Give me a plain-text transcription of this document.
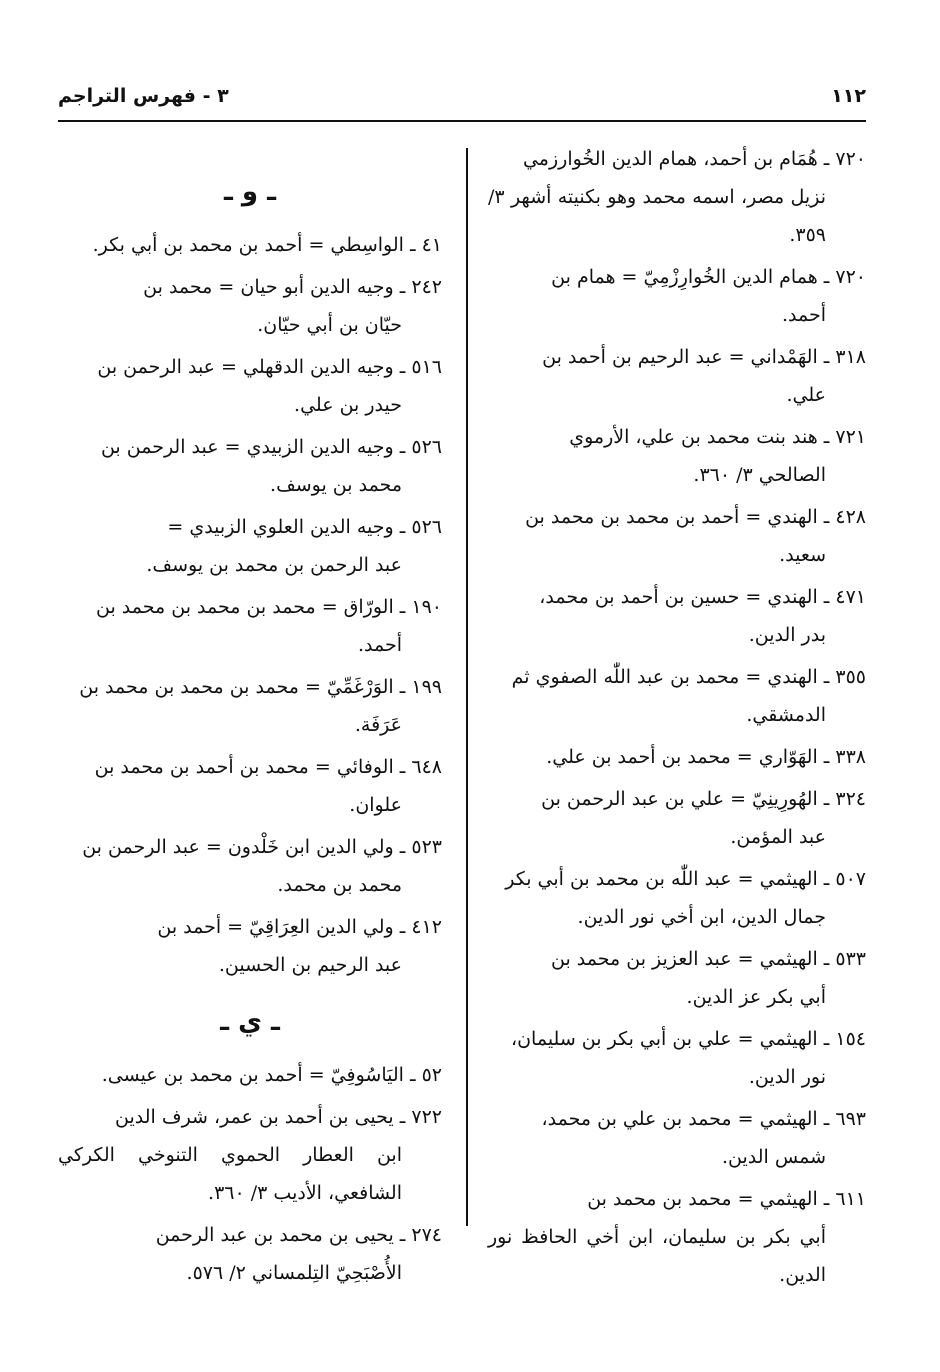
١١٢
٣ - فهرس التراجم
٧٢٠ ـ هُمَام بن أحمد، همام الدين الخُوارزمي
نزيل مصر، اسمه محمد وهو بكنيته أشهر ٣/ ٣٥٩.
٧٢٠ ـ همام الدين الخُوارِزْمِيّ = همام بن
أحمد.
٣١٨ ـ الهَمْداني = عبد الرحيم بن أحمد بن
علي.
٧٢١ ـ هند بنت محمد بن علي، الأرموي
الصالحي ٣/ ٣٦٠.
٤٢٨ ـ الهندي = أحمد بن محمد بن محمد بن
سعيد.
٤٧١ ـ الهندي = حسين بن أحمد بن محمد،
بدر الدين.
٣٥٥ ـ الهندي = محمد بن عبد اللّٰه الصفوي ثم
الدمشقي.
٣٣٨ ـ الهَوّاري = محمد بن أحمد بن علي.
٣٢٤ ـ الهُورِينِيّ = علي بن عبد الرحمن بن
عبد المؤمن.
٥٠٧ ـ الهيثمي = عبد اللّٰه بن محمد بن أبي بكر
جمال الدين، ابن أخي نور الدين.
٥٣٣ ـ الهيثمي = عبد العزيز بن محمد بن
أبي بكر عز الدين.
١٥٤ ـ الهيثمي = علي بن أبي بكر بن سليمان،
نور الدين.
٦٩٣ ـ الهيثمي = محمد بن علي بن محمد،
شمس الدين.
٦١١ ـ الهيثمي = محمد بن محمد بن
أبي بكر بن سليمان، ابن أخي الحافظ نور الدين.
ـ و ـ
٤١ ـ الواسِطي = أحمد بن محمد بن أبي بكر.
٢٤٢ ـ وجيه الدين أبو حيان = محمد بن
حيّان بن أبي حيّان.
٥١٦ ـ وجيه الدين الدقهلي = عبد الرحمن بن
حيدر بن علي.
٥٢٦ ـ وجيه الدين الزبيدي = عبد الرحمن بن
محمد بن يوسف.
٥٢٦ ـ وجيه الدين العلوي الزبيدي =
عبد الرحمن بن محمد بن يوسف.
١٩٠ ـ الورّاق = محمد بن محمد بن محمد بن
أحمد.
١٩٩ ـ الوَرْغَمِّيّ = محمد بن محمد بن محمد بن
عَرَفَة.
٦٤٨ ـ الوفائي = محمد بن أحمد بن محمد بن
علوان.
٥٢٣ ـ ولي الدين ابن خَلْدون = عبد الرحمن بن
محمد بن محمد.
٤١٢ ـ ولي الدين العِرَاقِيّ = أحمد بن
عبد الرحيم بن الحسين.
ـ ي ـ
٥٢ ـ اليَاسُوفِيّ = أحمد بن محمد بن عيسى.
٧٢٢ ـ يحيى بن أحمد بن عمر، شرف الدين
ابن العطار الحموي التنوخي الكركي الشافعي، الأديب ٣/ ٣٦٠.
٢٧٤ ـ يحيى بن محمد بن عبد الرحمن
الأُصْبَحِيّ التِلمساني ٢/ ٥٧٦.
